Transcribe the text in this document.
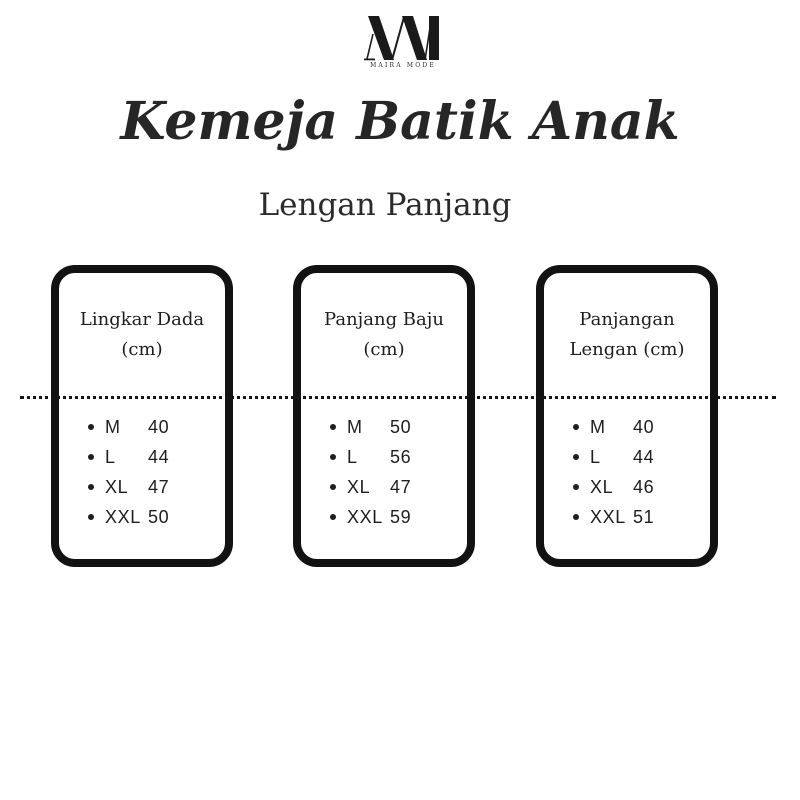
MAIRA MODE
Kemeja Batik Anak
Lengan Panjang
Lingkar Dada
(cm)
M 40
L 44
XL 47
XXL 50
Panjang Baju
(cm)
M 50
L 56
XL 47
XXL 59
Panjangan
Lengan (cm)
M 40
L 44
XL 46
XXL 51
